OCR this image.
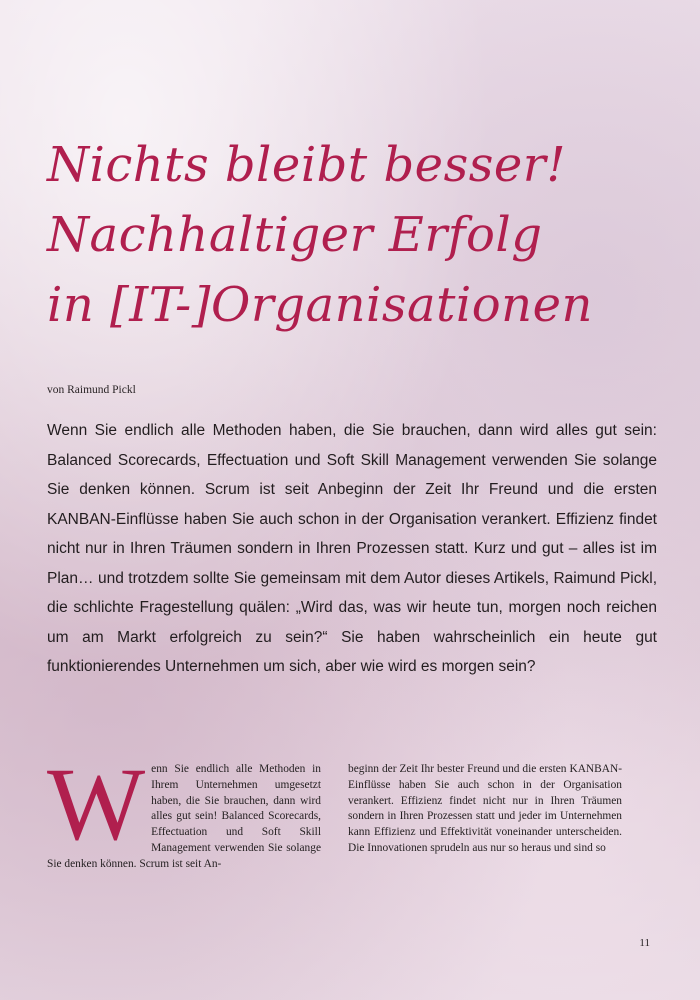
Nichts bleibt besser!
Nachhaltiger Erfolg
in [IT-]Organisationen

von Raimund Pickl

Wenn Sie endlich alle Methoden haben, die Sie brauchen, dann wird alles gut sein: Balanced Scorecards, Effectuation und Soft Skill Management verwenden Sie solange Sie denken können. Scrum ist seit Anbeginn der Zeit Ihr Freund und die ersten KANBAN-Einflüsse haben Sie auch schon in der Organisation verankert. Effizienz findet nicht nur in Ihren Träumen sondern in Ihren Prozessen statt. Kurz und gut – alles ist im Plan… und trotzdem sollte Sie gemeinsam mit dem Autor dieses Artikels, Raimund Pickl, die schlichte Fragestellung quälen: „Wird das, was wir heute tun, morgen noch reichen um am Markt erfolgreich zu sein?“ Sie haben wahrscheinlich ein heute gut funktionierendes Unternehmen um sich, aber wie wird es morgen sein?

W enn Sie endlich alle Methoden in Ihrem Unternehmen umgesetzt haben, die Sie brauchen, dann wird alles gut sein! Balanced Scorecards, Effectuation und Soft Skill Management verwenden Sie solange Sie denken können. Scrum ist seit An-
beginn der Zeit Ihr bester Freund und die ersten KANBAN-Einflüsse haben Sie auch schon in der Organisation verankert. Effizienz findet nicht nur in Ihren Träumen sondern in Ihren Prozessen statt und jeder im Unternehmen kann Effizienz und Effektivität voneinander unterscheiden. Die Innovationen sprudeln aus nur so heraus und sind so

11
